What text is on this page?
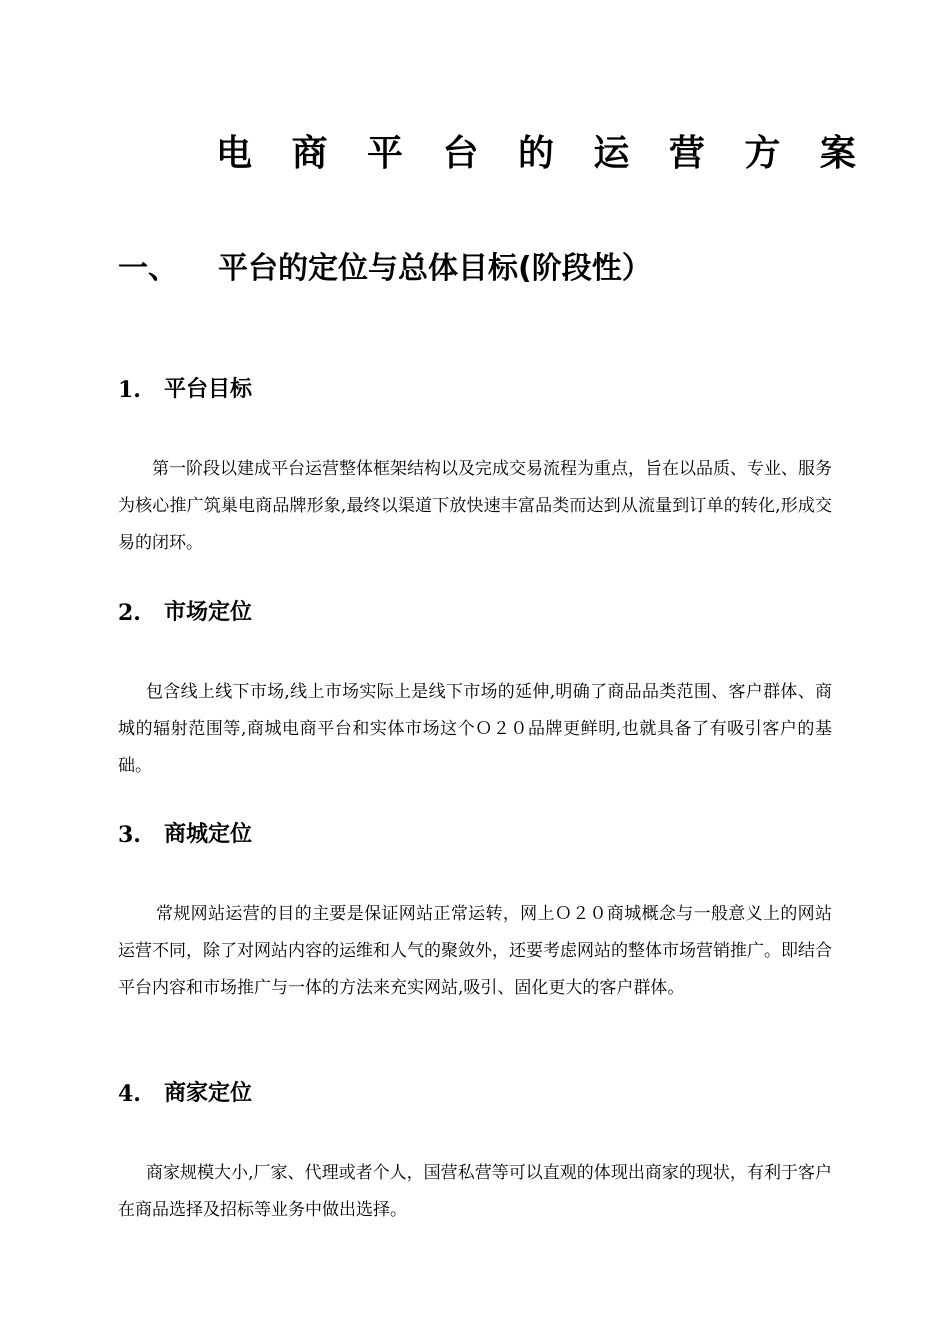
电 商 平 台 的 运 营 方 案
一、 平台的定位与总体目标(阶段性）
1. 平台目标

第一阶段以建成平台运营整体框架结构以及完成交易流程为重点，旨在以品质、专业、服务为核心推广筑巢电商品牌形象,最终以渠道下放快速丰富品类而达到从流量到订单的转化,形成交易的闭环。

2. 市场定位

包含线上线下市场,线上市场实际上是线下市场的延伸,明确了商品品类范围、客户群体、商城的辐射范围等,商城电商平台和实体市场这个Ｏ２０品牌更鲜明,也就具备了有吸引客户的基础。

3. 商城定位

常规网站运营的目的主要是保证网站正常运转，网上Ｏ２０商城概念与一般意义上的网站运营不同，除了对网站内容的运维和人气的聚敛外，还要考虑网站的整体市场营销推广。即结合平台内容和市场推广与一体的方法来充实网站,吸引、固化更大的客户群体。

4. 商家定位

商家规模大小,厂家、代理或者个人，国营私营等可以直观的体现出商家的现状，有利于客户在商品选择及招标等业务中做出选择。
